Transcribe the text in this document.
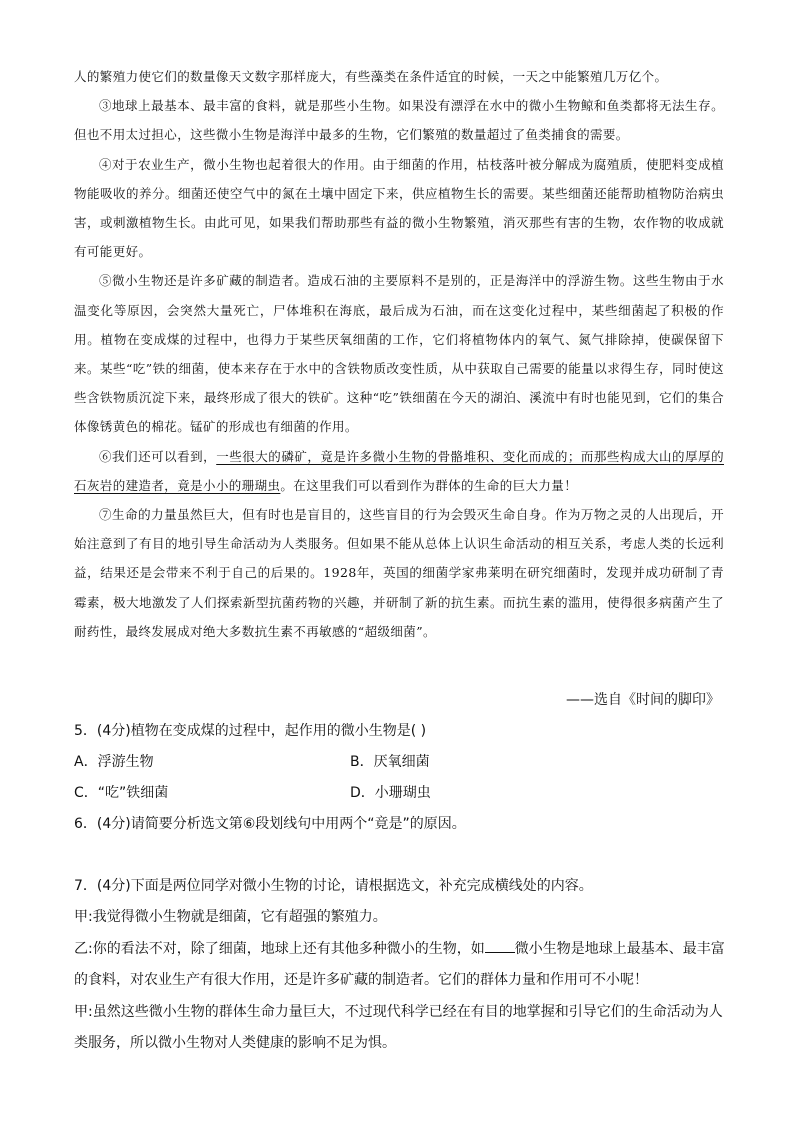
人的繁殖力使它们的数量像天文数字那样庞大，有些藻类在条件适宜的时候，一天之中能繁殖几万亿个。

③地球上最基本、最丰富的食料，就是那些小生物。如果没有漂浮在水中的微小生物鲸和鱼类都将无法生存。但也不用太过担心，这些微小生物是海洋中最多的生物，它们繁殖的数量超过了鱼类捕食的需要。

④对于农业生产，微小生物也起着很大的作用。由于细菌的作用，枯枝落叶被分解成为腐殖质，使肥料变成植物能吸收的养分。细菌还使空气中的氮在土壤中固定下来，供应植物生长的需要。某些细菌还能帮助植物防治病虫害，或刺激植物生长。由此可见，如果我们帮助那些有益的微小生物繁殖，消灭那些有害的生物，农作物的收成就有可能更好。

⑤微小生物还是许多矿藏的制造者。造成石油的主要原料不是别的，正是海洋中的浮游生物。这些生物由于水温变化等原因，会突然大量死亡，尸体堆积在海底，最后成为石油，而在这变化过程中，某些细菌起了积极的作用。植物在变成煤的过程中，也得力于某些厌氧细菌的工作，它们将植物体内的氧气、氮气排除掉，使碳保留下来。某些“吃”铁的细菌，使本来存在于水中的含铁物质改变性质，从中获取自己需要的能量以求得生存，同时使这些含铁物质沉淀下来，最终形成了很大的铁矿。这种“吃”铁细菌在今天的湖泊、溪流中有时也能见到，它们的集合体像锈黄色的棉花。锰矿的形成也有细菌的作用。

⑥我们还可以看到，一些很大的磷矿，竟是许多微小生物的骨骼堆积、变化而成的；而那些构成大山的厚厚的石灰岩的建造者，竟是小小的珊瑚虫。在这里我们可以看到作为群体的生命的巨大力量！

⑦生命的力量虽然巨大，但有时也是盲目的，这些盲目的行为会毁灭生命自身。作为万物之灵的人出现后，开始注意到了有目的地引导生命活动为人类服务。但如果不能从总体上认识生命活动的相互关系，考虑人类的长远利益，结果还是会带来不利于自己的后果的。1928年，英国的细菌学家弗莱明在研究细菌时，发现并成功研制了青霉素，极大地激发了人们探索新型抗菌药物的兴趣，并研制了新的抗生素。而抗生素的滥用，使得很多病菌产生了耐药性，最终发展成对绝大多数抗生素不再敏感的“超级细菌”。

——选自《时间的脚印》

5．(4分)植物在变成煤的过程中，起作用的微小生物是( )

A．浮游生物	B．厌氧细菌
C．“吃”铁细菌	D．小珊瑚虫

6．(4分)请简要分析选文第⑥段划线句中用两个“竟是”的原因。

7．(4分)下面是两位同学对微小生物的讨论，请根据选文，补充完成横线处的内容。

甲:我觉得微小生物就是细菌，它有超强的繁殖力。

乙:你的看法不对，除了细菌，地球上还有其他多种微小的生物，如 微小生物是地球上最基本、最丰富的食料，对农业生产有很大作用，还是许多矿藏的制造者。它们的群体力量和作用可不小呢！

甲:虽然这些微小生物的群体生命力量巨大，不过现代科学已经在有目的地掌握和引导它们的生命活动为人类服务，所以微小生物对人类健康的影响不足为惧。
